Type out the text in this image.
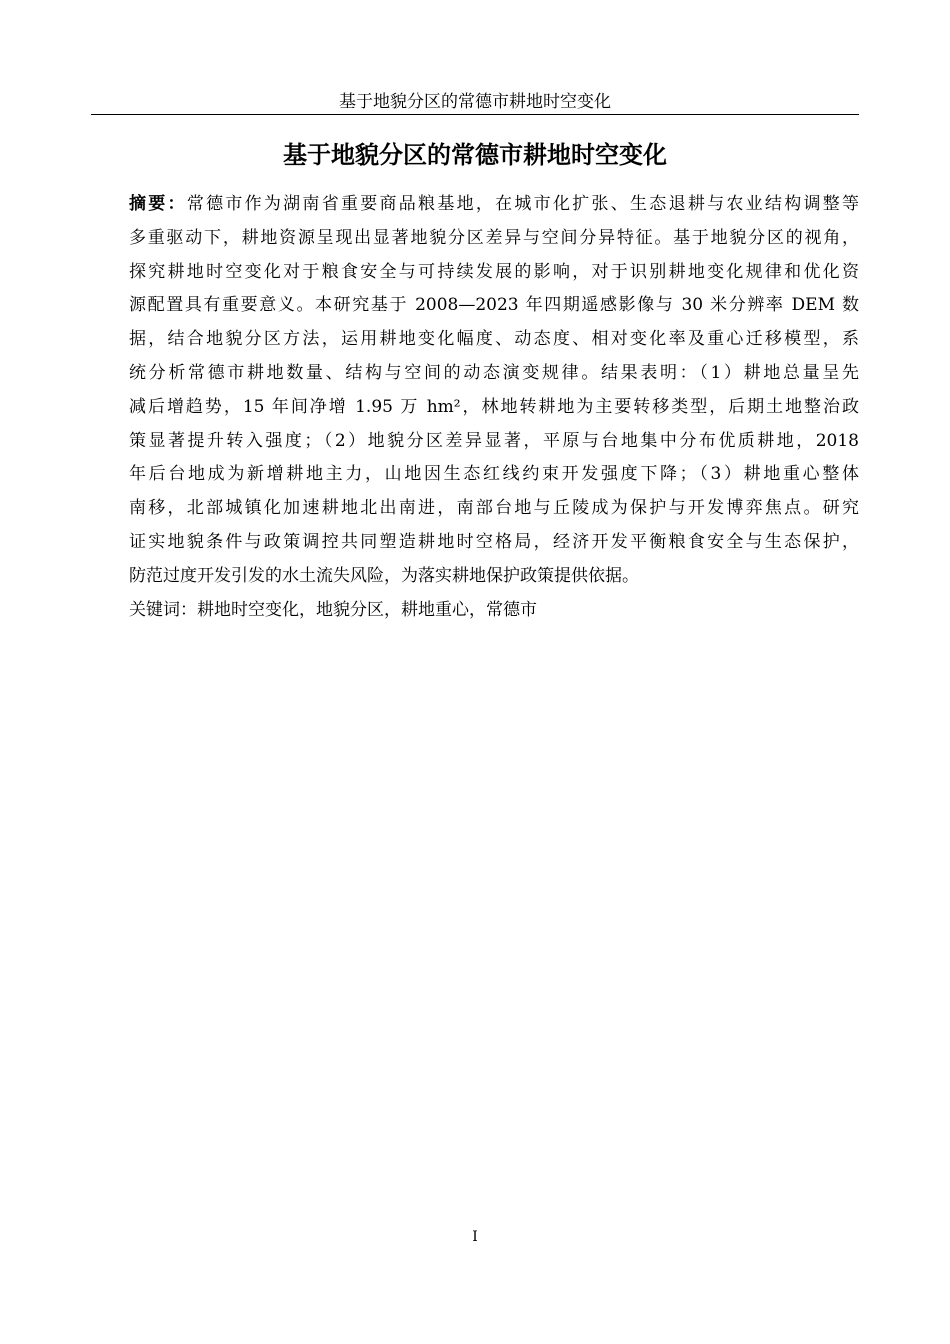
基于地貌分区的常德市耕地时空变化
基于地貌分区的常德市耕地时空变化
摘要：常德市作为湖南省重要商品粮基地，在城市化扩张、生态退耕与农业结构调整等
多重驱动下，耕地资源呈现出显著地貌分区差异与空间分异特征。基于地貌分区的视角，
探究耕地时空变化对于粮食安全与可持续发展的影响，对于识别耕地变化规律和优化资
源配置具有重要意义。本研究基于 2008—2023 年四期遥感影像与 30 米分辨率 DEM 数
据，结合地貌分区方法，运用耕地变化幅度、动态度、相对变化率及重心迁移模型，系
统分析常德市耕地数量、结构与空间的动态演变规律。结果表明：（1）耕地总量呈先
减后增趋势，15 年间净增 1.95 万 hm²，林地转耕地为主要转移类型，后期土地整治政
策显著提升转入强度；（2）地貌分区差异显著，平原与台地集中分布优质耕地，2018
年后台地成为新增耕地主力，山地因生态红线约束开发强度下降；（3）耕地重心整体
南移，北部城镇化加速耕地北出南进，南部台地与丘陵成为保护与开发博弈焦点。研究
证实地貌条件与政策调控共同塑造耕地时空格局，经济开发平衡粮食安全与生态保护，
防范过度开发引发的水土流失风险，为落实耕地保护政策提供依据。
关键词：耕地时空变化，地貌分区，耕地重心，常德市
I
